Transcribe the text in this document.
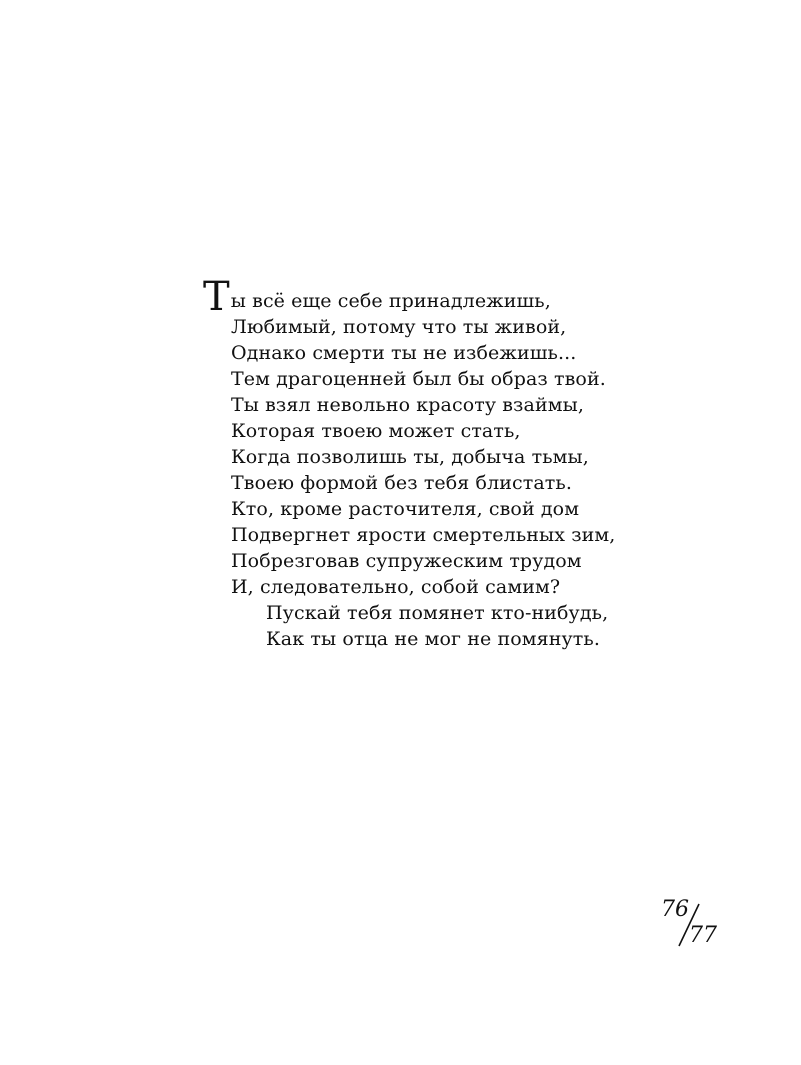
Ты всё еще себе принадлежишь,
Любимый, потому что ты живой,
Однако смерти ты не избежишь...
Тем драгоценней был бы образ твой.
Ты взял невольно красоту взаймы,
Которая твоею может стать,
Когда позволишь ты, добыча тьмы,
Твоею формой без тебя блистать.
Кто, кроме расточителя, свой дом
Подвергнет ярости смертельных зим,
Побрезговав супружеским трудом
И, следовательно, собой самим?
Пускай тебя помянет кто-нибудь,
Как ты отца не мог не помянуть.
76
77
